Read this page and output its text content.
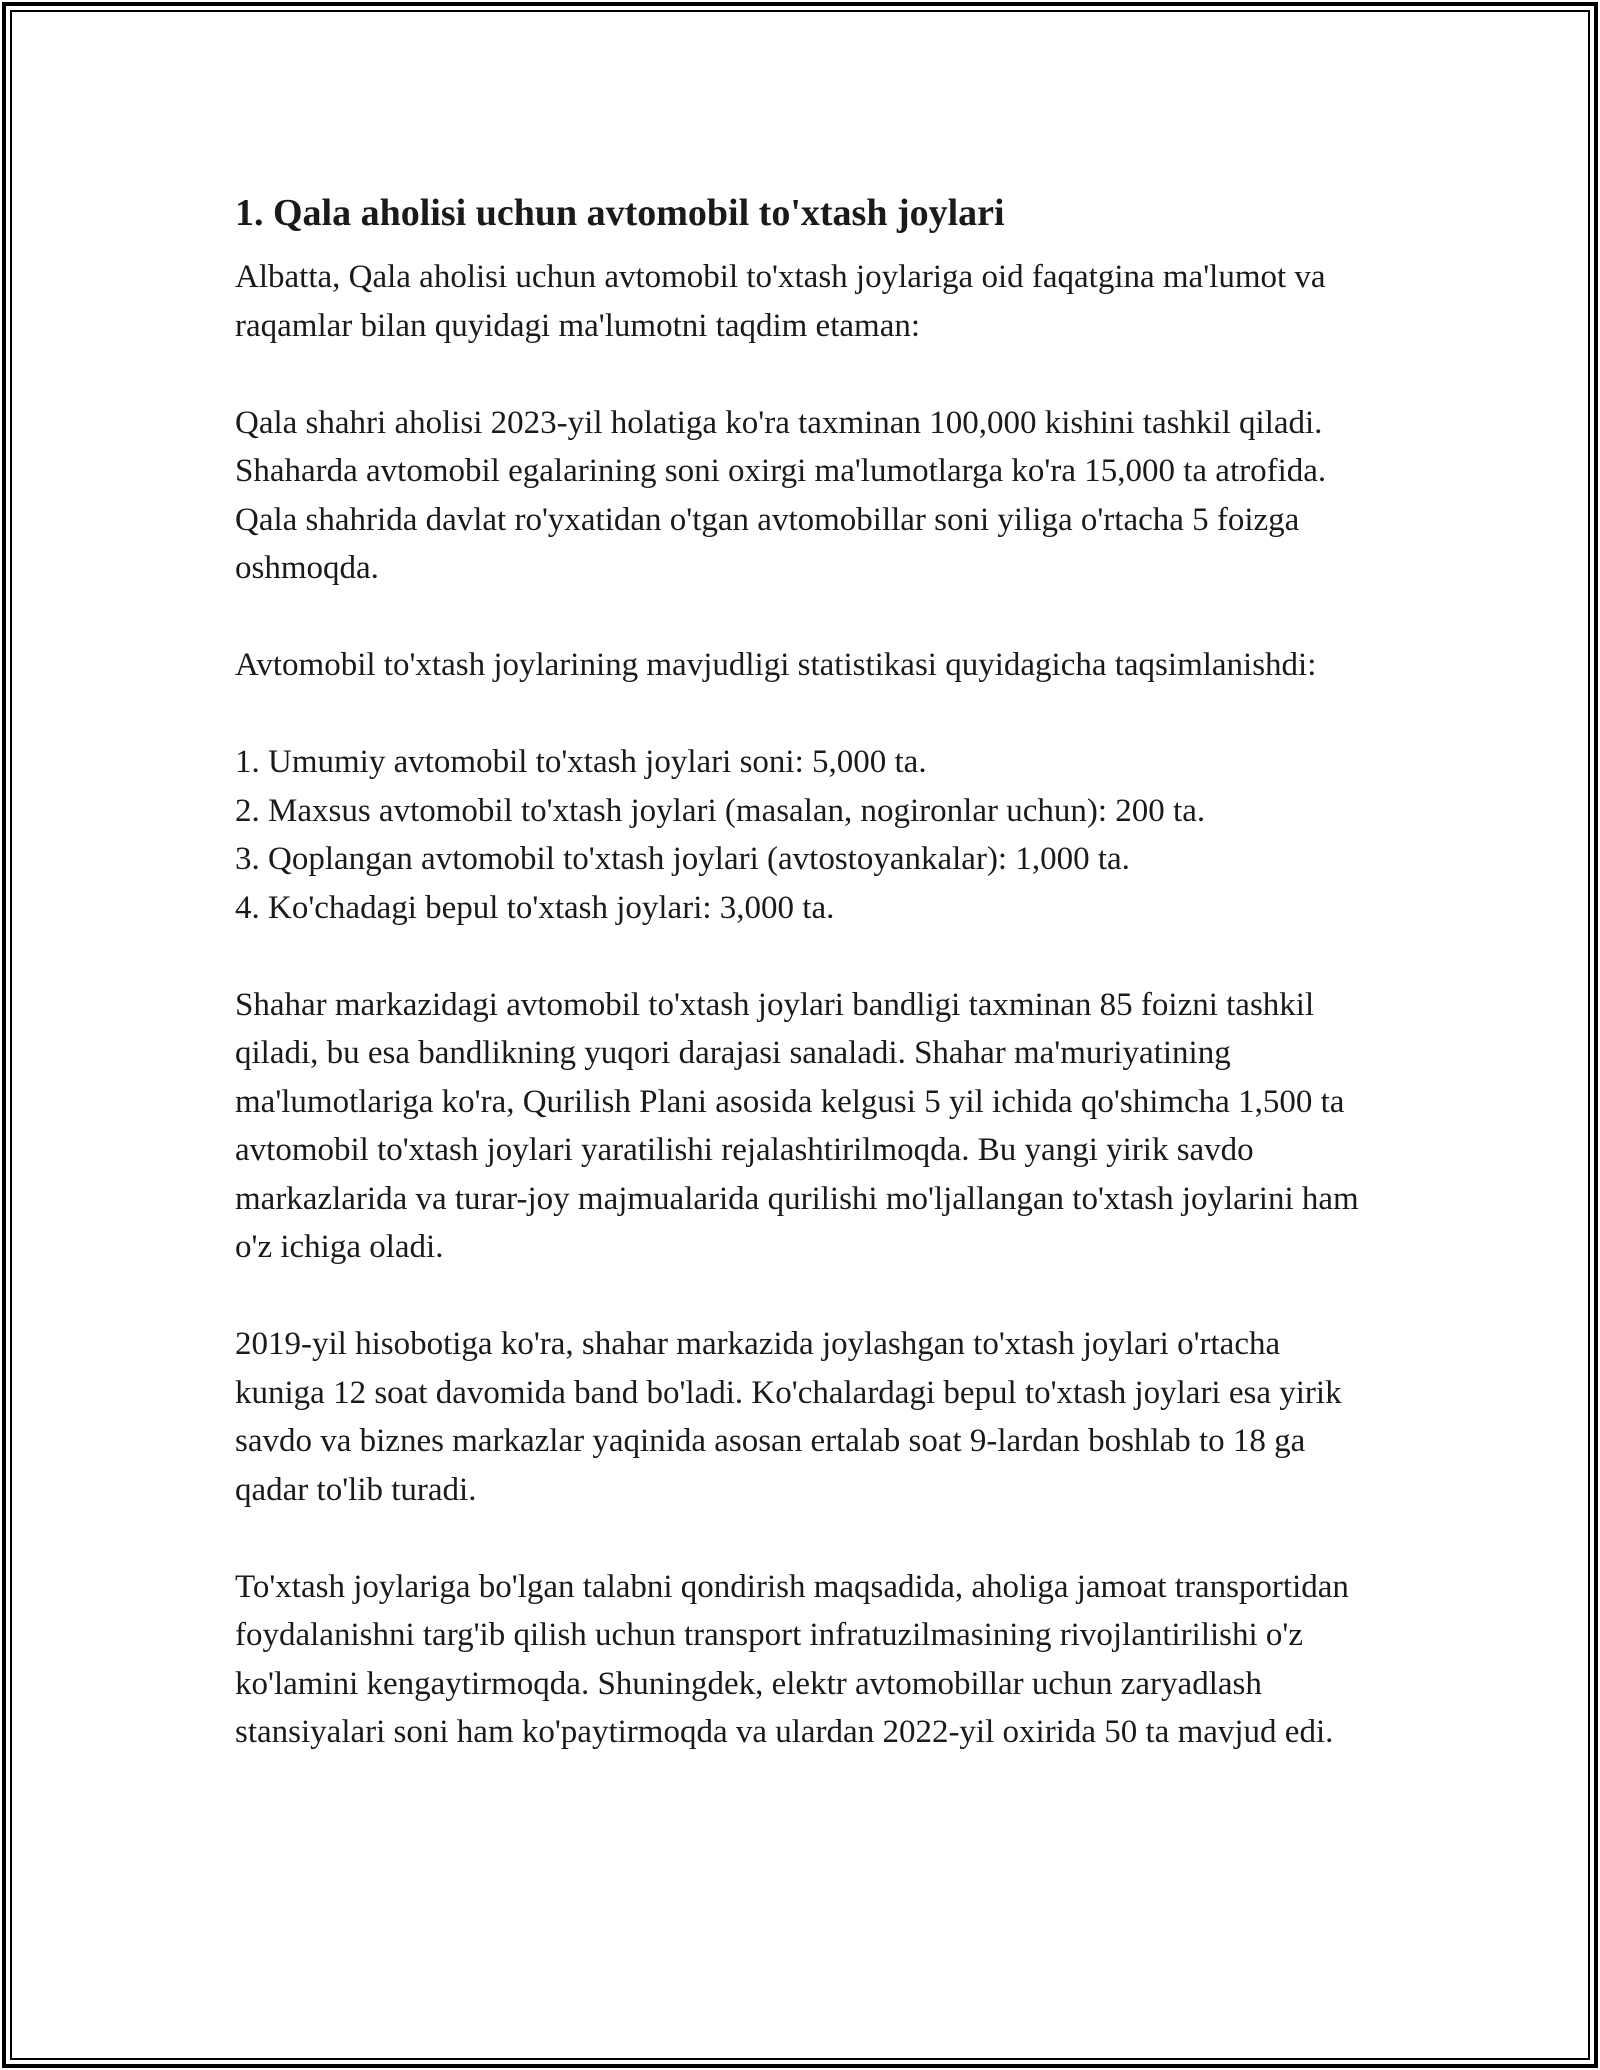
1. Qala aholisi uchun avtomobil to'xtash joylari

Albatta, Qala aholisi uchun avtomobil to'xtash joylariga oid faqatgina ma'lumot va raqamlar bilan quyidagi ma'lumotni taqdim etaman:

Qala shahri aholisi 2023-yil holatiga ko'ra taxminan 100,000 kishini tashkil qiladi. Shaharda avtomobil egalarining soni oxirgi ma'lumotlarga ko'ra 15,000 ta atrofida. Qala shahrida davlat ro'yxatidan o'tgan avtomobillar soni yiliga o'rtacha 5 foizga oshmoqda.

Avtomobil to'xtash joylarining mavjudligi statistikasi quyidagicha taqsimlanishdi:

1. Umumiy avtomobil to'xtash joylari soni: 5,000 ta.
2. Maxsus avtomobil to'xtash joylari (masalan, nogironlar uchun): 200 ta.
3. Qoplangan avtomobil to'xtash joylari (avtostoyankalar): 1,000 ta.
4. Ko'chadagi bepul to'xtash joylari: 3,000 ta.

Shahar markazidagi avtomobil to'xtash joylari bandligi taxminan 85 foizni tashkil qiladi, bu esa bandlikning yuqori darajasi sanaladi. Shahar ma'muriyatining ma'lumotlariga ko'ra, Qurilish Plani asosida kelgusi 5 yil ichida qo'shimcha 1,500 ta avtomobil to'xtash joylari yaratilishi rejalashtirilmoqda. Bu yangi yirik savdo markazlarida va turar-joy majmualarida qurilishi mo'ljallangan to'xtash joylarini ham o'z ichiga oladi.

2019-yil hisobotiga ko'ra, shahar markazida joylashgan to'xtash joylari o'rtacha kuniga 12 soat davomida band bo'ladi. Ko'chalardagi bepul to'xtash joylari esa yirik savdo va biznes markazlar yaqinida asosan ertalab soat 9-lardan boshlab to 18 ga qadar to'lib turadi.

To'xtash joylariga bo'lgan talabni qondirish maqsadida, aholiga jamoat transportidan foydalanishni targ'ib qilish uchun transport infratuzilmasining rivojlantirilishi o'z ko'lamini kengaytirmoqda. Shuningdek, elektr avtomobillar uchun zaryadlash stansiyalari soni ham ko'paytirmoqda va ulardan 2022-yil oxirida 50 ta mavjud edi.
